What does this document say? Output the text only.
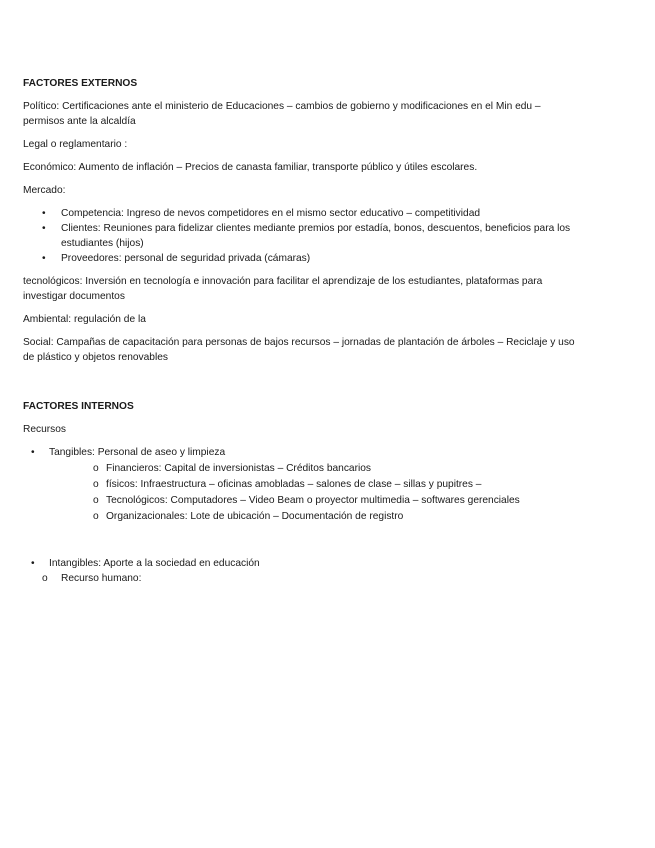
FACTORES EXTERNOS
Político: Certificaciones ante el ministerio de Educaciones – cambios de gobierno y modificaciones en el Min edu – permisos ante la alcaldía
Legal o reglamentario :
Económico: Aumento de inflación – Precios de canasta familiar, transporte público y útiles escolares.
Mercado:
• Competencia: Ingreso de nevos competidores en el mismo sector educativo – competitividad
• Clientes: Reuniones para fidelizar clientes mediante premios por estadía, bonos, descuentos, beneficios para los estudiantes (hijos)
• Proveedores: personal de seguridad privada (cámaras)
tecnológicos: Inversión en tecnología e innovación para facilitar el aprendizaje de los estudiantes, plataformas para investigar documentos
Ambiental: regulación de la
Social: Campañas de capacitación para personas de bajos recursos – jornadas de plantación de árboles – Reciclaje y uso de plástico y objetos renovables
FACTORES INTERNOS
Recursos
• Tangibles: Personal de aseo y limpieza
o Financieros: Capital de inversionistas – Créditos bancarios
o físicos: Infraestructura – oficinas amobladas – salones de clase – sillas y pupitres –
o Tecnológicos: Computadores – Video Beam o proyector multimedia – softwares gerenciales
o Organizacionales: Lote de ubicación – Documentación de registro
• Intangibles: Aporte a la sociedad en educación
o Recurso humano:
